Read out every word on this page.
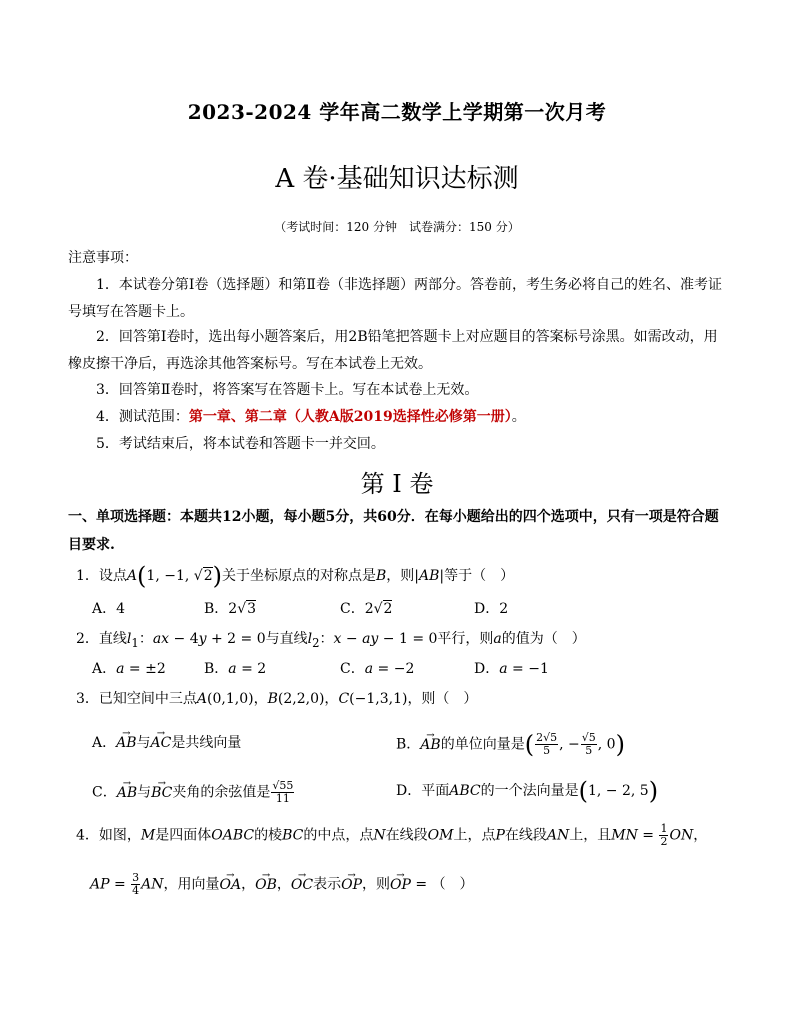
2023-2024 学年高二数学上学期第一次月考
A 卷·基础知识达标测
（考试时间：120 分钟　试卷满分：150 分）
注意事项：
1．本试卷分第Ⅰ卷（选择题）和第Ⅱ卷（非选择题）两部分。答卷前，考生务必将自己的姓名、准考证号填写在答题卡上。
2．回答第Ⅰ卷时，选出每小题答案后，用2B铅笔把答题卡上对应题目的答案标号涂黑。如需改动，用橡皮擦干净后，再选涂其他答案标号。写在本试卷上无效。
3．回答第Ⅱ卷时，将答案写在答题卡上。写在本试卷上无效。
4．测试范围：第一章、第二章（人教A版2019选择性必修第一册）。
5．考试结束后，将本试卷和答题卡一并交回。
第 I 卷
一、单项选择题：本题共12小题，每小题5分，共60分．在每小题给出的四个选项中，只有一项是符合题目要求.
1．设点A(1, −1, √2)关于坐标原点的对称点是B，则|AB|等于（　）
A．4	B．2√3	C．2√2	D．2
2．直线$l_1$：ax − 4y + 2 = 0与直线$l_2$：x − ay − 1 = 0平行，则a的值为（　）
A．a = ±2	B．a = 2	C．a = −2	D．a = −1
3．已知空间中三点A(0,1,0)，B(2,2,0)，C(−1,3,1)，则（　）
A．→ AB与→ AC是共线向量	B．→ AB的单位向量是( $\frac{2√5}{5}$ , − $\frac{√5}{5}$ , 0)
C．→ AB与→ BC夹角的余弦值是 $\frac{√55}{11}$	D．平面ABC的一个法向量是(1, − 2, 5)
4．如图，M是四面体OABC的棱BC的中点，点N在线段OM上，点P在线段AN上，且MN = $\frac{1}{2}$ ON，
AP = $\frac{3}{4}$ AN，用向量→ OA，→ OB，→ OC表示→ OP，则→ OP = （　）
